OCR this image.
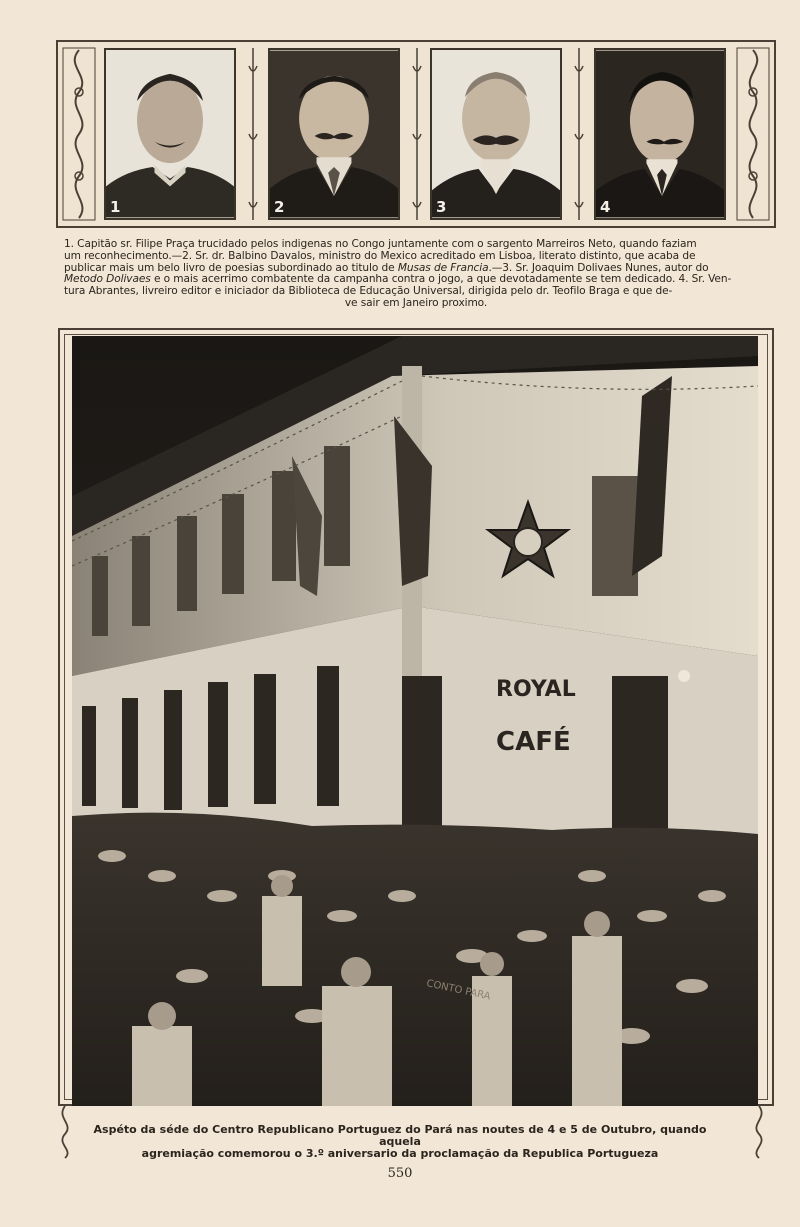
1	2	3	4

1. Capitão sr. Filipe Praça trucidado pelos indigenas no Congo juntamente com o sargento Marreiros Neto, quando faziam

um reconhecimento.—2. Sr. dr. Balbino Davalos, ministro do Mexico acreditado em Lisboa, literato distinto, que acaba de

publicar mais um belo livro de poesias subordinado ao titulo de Musas de Francia.—3. Sr. Joaquim Dolivaes Nunes, autor do

Metodo Dolivaes e o mais acerrimo combatente da campanha contra o jogo, a que devotadamente se tem dedicado. 4. Sr. Ven-

tura Abrantes, livreiro editor e iniciador da Biblioteca de Educação Universal, dirigida pelo dr. Teofilo Braga e que de-

ve sair em Janeiro proximo.

ROYAL
CAFÉ
CONTO PARA

Aspéto da séde do Centro Republicano Portuguez do Pará nas noutes de 4 e 5 de Outubro, quando aquela

agremiação comemorou o 3.º aniversario da proclamação da Republica Portugueza

550
